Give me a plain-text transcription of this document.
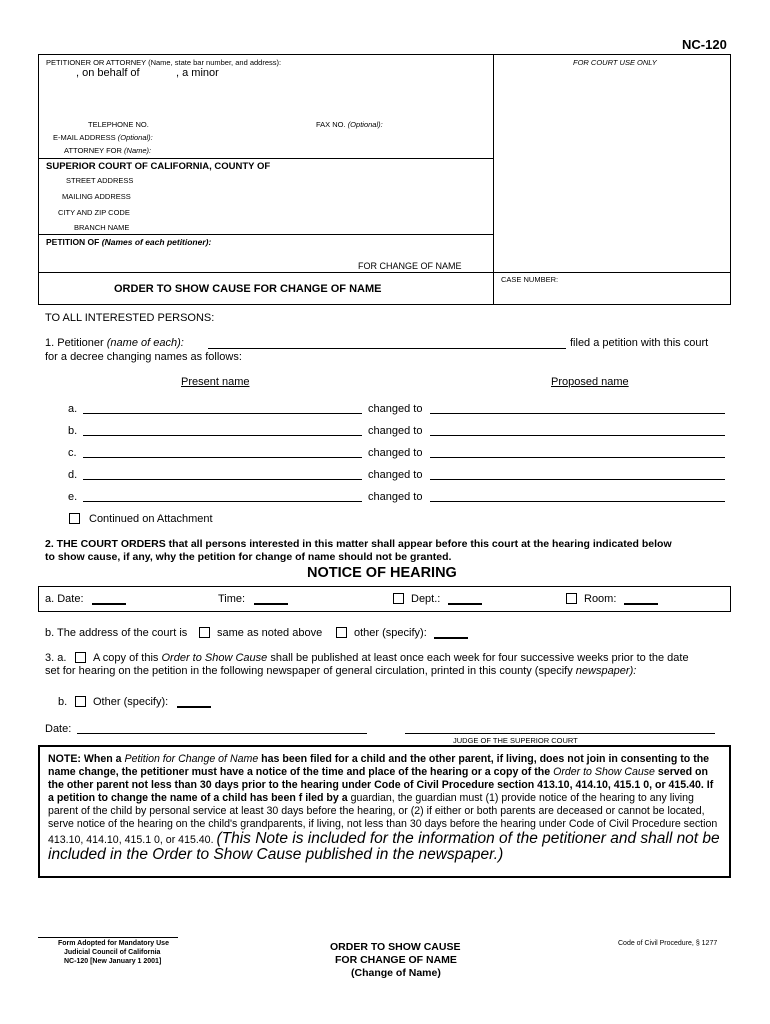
NC-120
PETITIONER OR ATTORNEY (Name, state bar number, and address):	FOR COURT USE ONLY
, on behalf of	, a minor
TELEPHONE NO.	FAX NO. (Optional):
E-MAIL ADDRESS (Optional):
ATTORNEY FOR (Name):
SUPERIOR COURT OF CALIFORNIA, COUNTY OF
STREET ADDRESS
MAILING ADDRESS
CITY AND ZIP CODE
BRANCH NAME
PETITION OF (Names of each petitioner):
FOR CHANGE OF NAME
ORDER TO SHOW CAUSE FOR CHANGE OF NAME
CASE NUMBER:
TO ALL INTERESTED PERSONS:
1. Petitioner (name of each):	filed a petition with this court
for a decree changing names as follows:
Present name	Proposed name
a.	changed to
b.	changed to
c.	changed to
d.	changed to
e.	changed to
Continued on Attachment
2. THE COURT ORDERS that all persons interested in this matter shall appear before this court at the hearing indicated below
to show cause, if any, why the petition for change of name should not be granted.
NOTICE OF HEARING
a. Date:	Time:	Dept.:	Room:
b. The address of the court is	same as noted above	other (specify):
3. a. A copy of this Order to Show Cause shall be published at least once each week for four successive weeks prior to the date
set for hearing on the petition in the following newspaper of general circulation, printed in this county (specify newspaper):
b. Other (specify):
Date:
JUDGE OF THE SUPERIOR COURT
NOTE: When a Petition for Change of Name has been filed for a child and the other parent, if living, does not join in consenting to the name change, the petitioner must have a notice of the time and place of the hearing or a copy of the Order to Show Cause served on the other parent not less than 30 days prior to the hearing under Code of Civil Procedure section 413.10, 414.10, 415.1 0, or 415.40. If a petition to change the name of a child has been f iled by a guardian, the guardian must (1) provide notice of the hearing to any living parent of the child by personal service at least 30 days before the hearing, or (2) if either or both parents are deceased or cannot be located, serve notice of the hearing on the child's grandparents, if living, not less than 30 days before the hearing under Code of Civil Procedure section 413.10, 414.10, 415.1 0, or 415.40. (This Note is included for the information of the petitioner and shall not be included in the Order to Show Cause published in the newspaper.)
Form Adopted for Mandatory Use
Judicial Council of California
NC-120 [New January 1 2001]
ORDER TO SHOW CAUSE
FOR CHANGE OF NAME
(Change of Name)
Code of Civil Procedure, § 1277
